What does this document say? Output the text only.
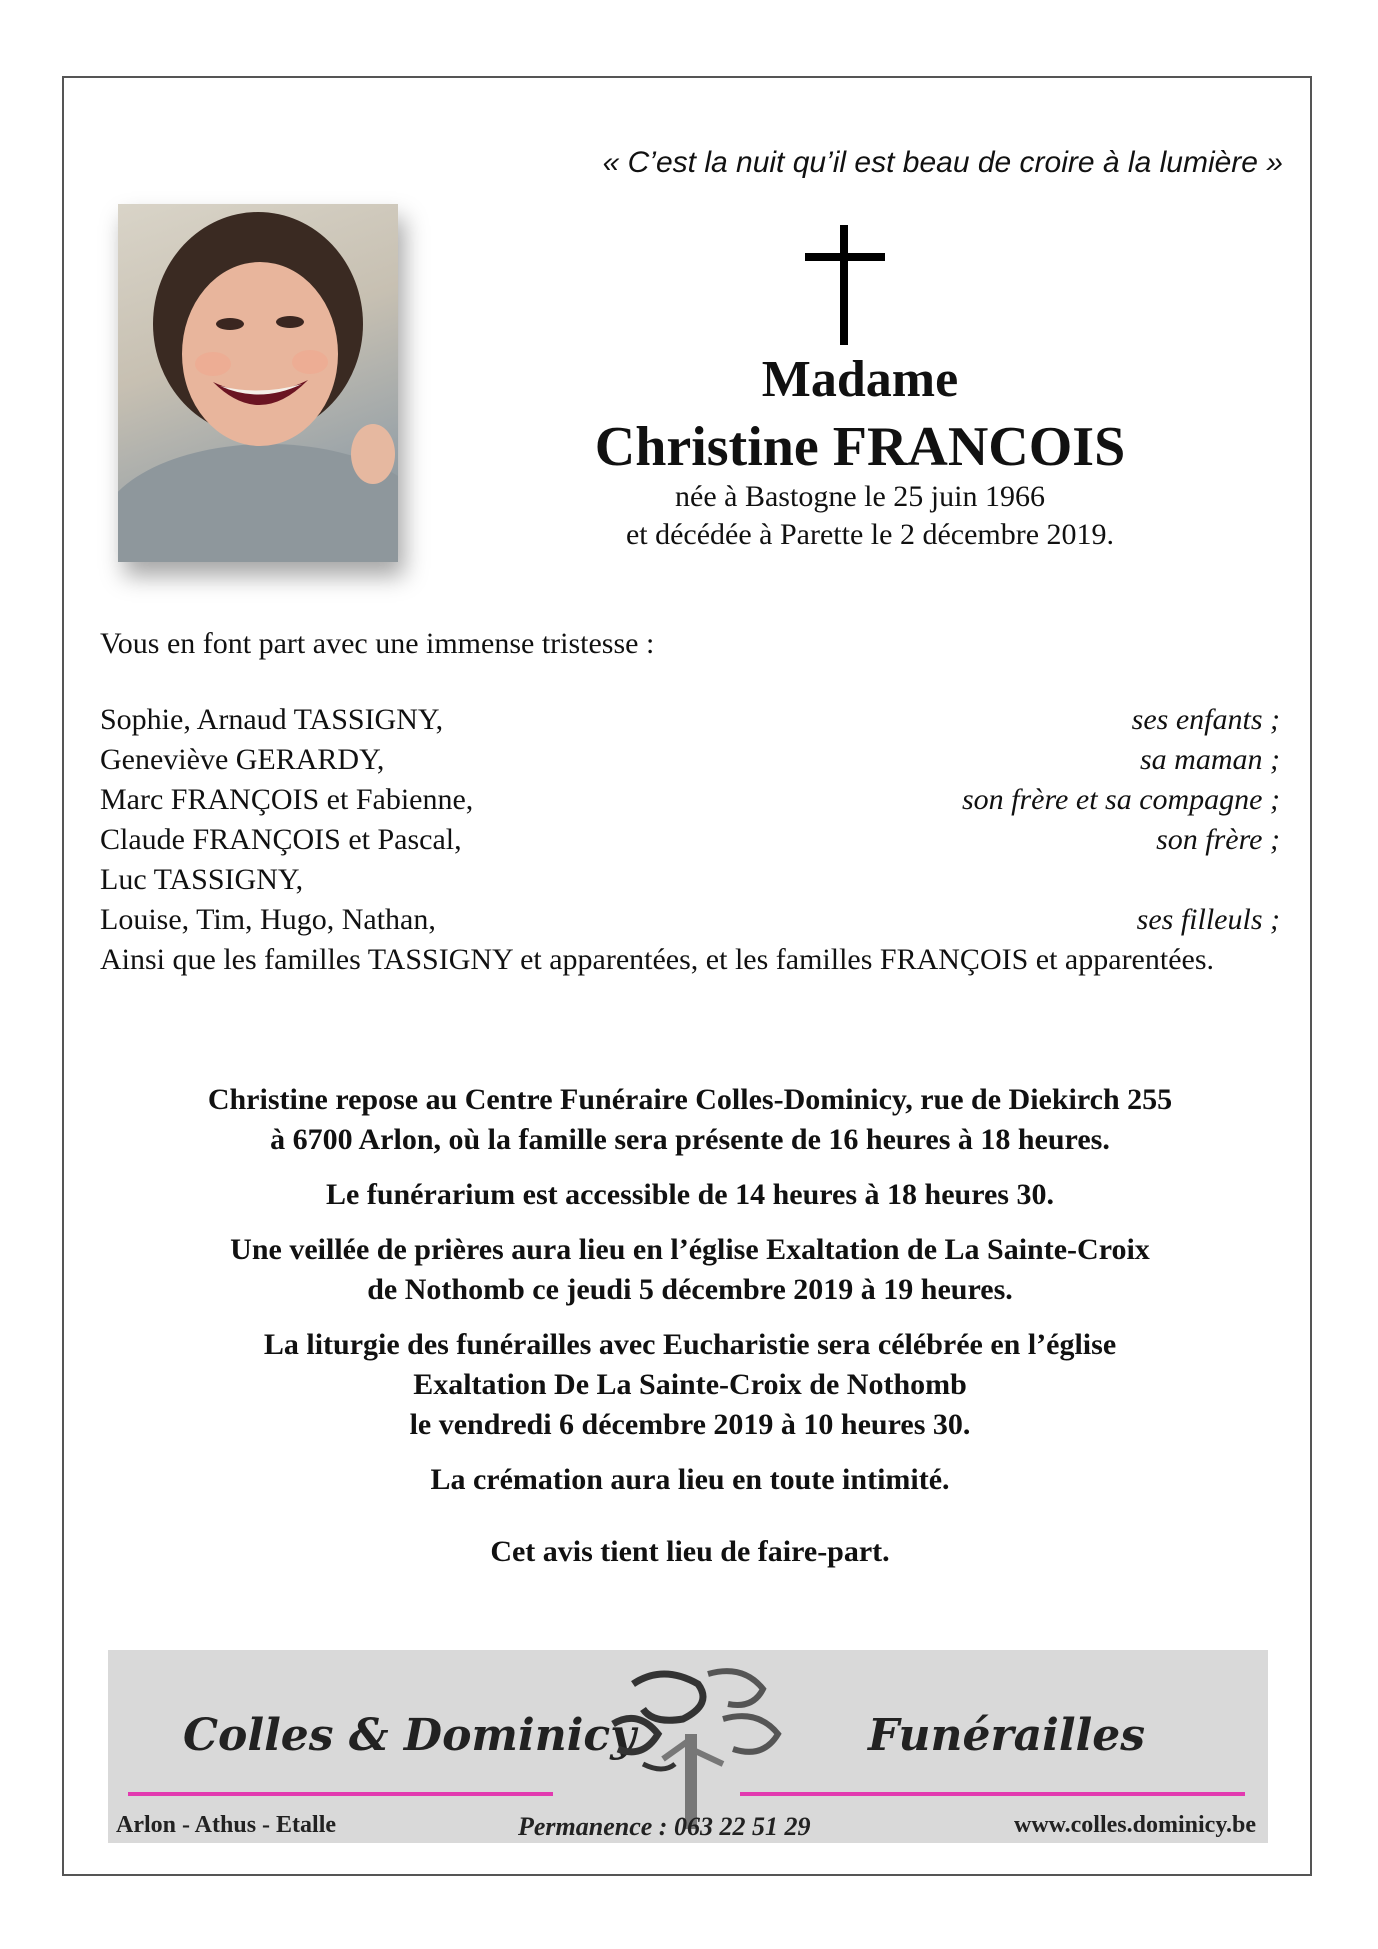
« C’est la nuit qu’il est beau de croire à la lumière »
Madame
Christine FRANCOIS
née à Bastogne le 25 juin 1966
et décédée à Parette le 2 décembre 2019.
Vous en font part avec une immense tristesse :
Sophie, Arnaud TASSIGNY,	ses enfants ;
Geneviève GERARDY,	sa maman ;
Marc FRANÇOIS et Fabienne,	son frère et sa compagne ;
Claude FRANÇOIS et Pascal,	son frère ;
Luc TASSIGNY,
Louise, Tim, Hugo, Nathan,	ses filleuls ;
Ainsi que les familles TASSIGNY et apparentées, et les familles FRANÇOIS et apparentées.

Christine repose au Centre Funéraire Colles-Dominicy, rue de Diekirch 255
à 6700 Arlon, où la famille sera présente de 16 heures à 18 heures.

Le funérarium est accessible de 14 heures à 18 heures 30.

Une veillée de prières aura lieu en l’église Exaltation de La Sainte-Croix
de Nothomb ce jeudi 5 décembre 2019 à 19 heures.

La liturgie des funérailles avec Eucharistie sera célébrée en l’église
Exaltation De La Sainte-Croix de Nothomb
le vendredi 6 décembre 2019 à 10 heures 30.

La crémation aura lieu en toute intimité.

Cet avis tient lieu de faire-part.

Colles & Dominicy	Funérailles
Arlon - Athus - Etalle	Permanence : 063 22 51 29	www.colles.dominicy.be
